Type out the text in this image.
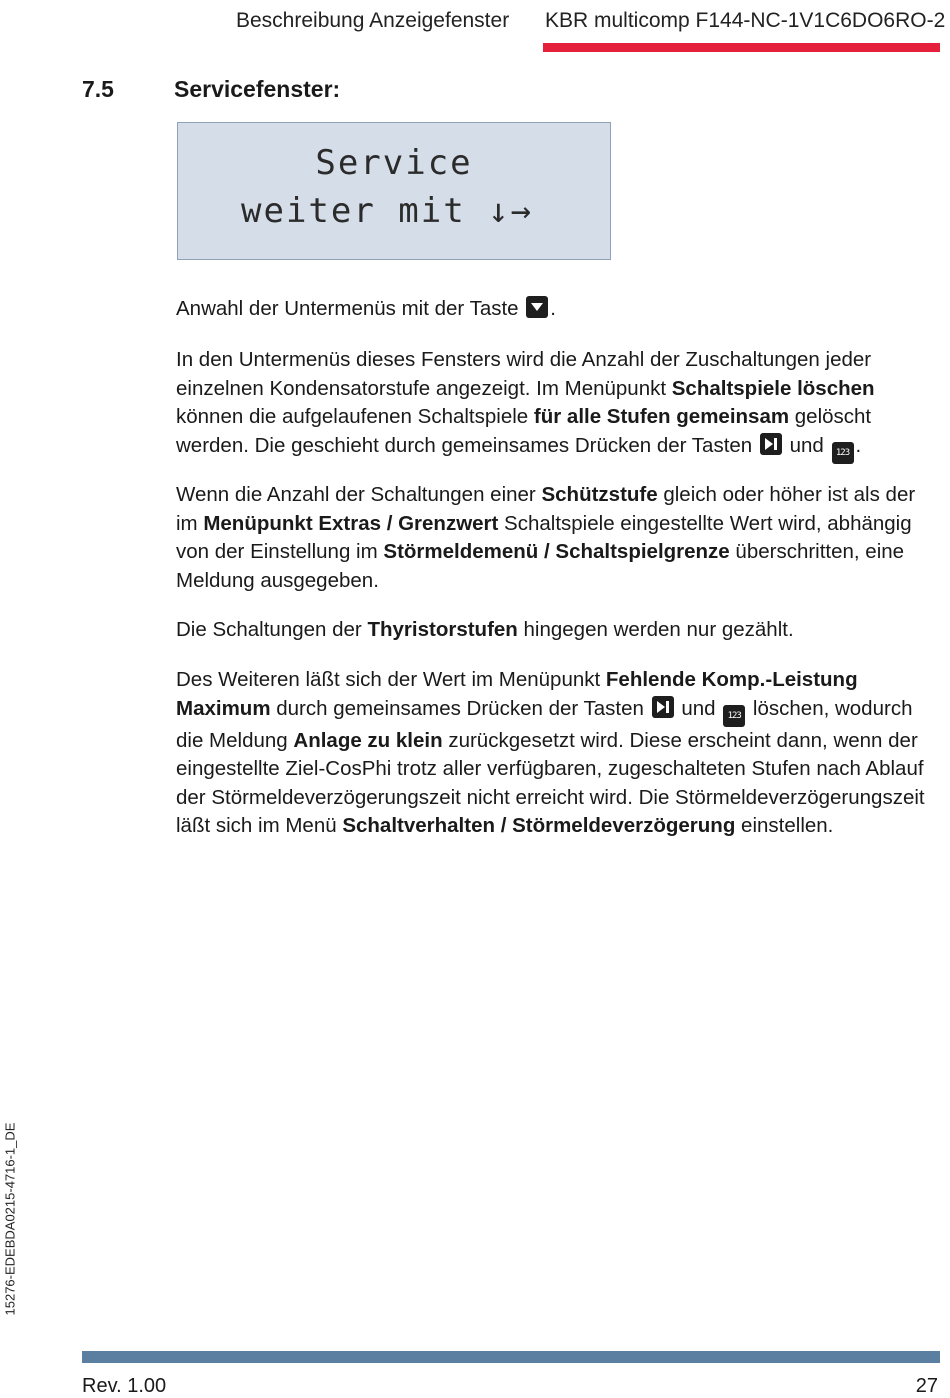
Beschreibung Anzeigefenster KBR multicomp F144-NC-1V1C6DO6RO-2
7.5	Servicefenster:
Service
weiter mit ↓→
Anwahl der Untermenüs mit der Taste .
In den Untermenüs dieses Fensters wird die Anzahl der Zuschaltungen jeder einzelnen Kondensatorstufe angezeigt. Im Menüpunkt Schaltspiele löschen können die aufgelaufenen Schaltspiele für alle Stufen gemeinsam gelöscht werden. Die geschieht durch gemeinsames Drücken der Tasten  und 123 .
Wenn die Anzahl der Schaltungen einer Schützstufe gleich oder höher ist als der im Menüpunkt Extras / Grenzwert Schaltspiele eingestellte Wert wird, abhängig von der Einstellung im Störmeldemenü / Schaltspielgrenze überschritten, eine Meldung ausgegeben.
Die Schaltungen der Thyristorstufen hingegen werden nur gezählt.
Des Weiteren läßt sich der Wert im Menüpunkt Fehlende Komp.-Leistung Maximum durch gemeinsames Drücken der Tasten  und 123 löschen, wodurch die Meldung Anlage zu klein zurückgesetzt wird. Diese erscheint dann, wenn der eingestellte Ziel-CosPhi trotz aller verfügbaren, zugeschalteten Stufen nach Ablauf der Störmeldeverzögerungszeit nicht erreicht wird. Die Störmeldeverzögerungszeit läßt sich im Menü Schaltverhalten / Störmeldeverzögerung einstellen.
15276-EDEBDA0215-4716-1_DE
Rev. 1.00	27
